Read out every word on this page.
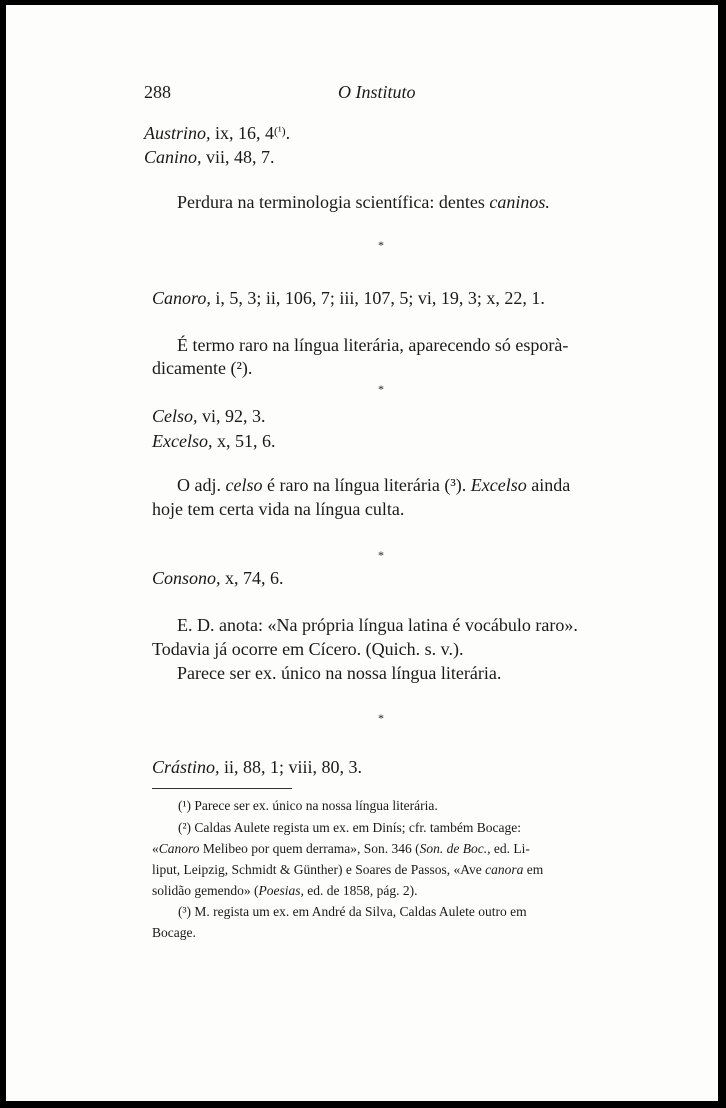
288	O Instituto
Austrino, ix, 16, $4^{(^1)}$.
Canino, vii, 48, 7.
Perdura na terminologia scientífica: dentes caninos.
*
Canoro, i, 5, 3; ii, 106, 7; iii, 107, 5; vi, 19, 3; x, 22, 1.
É termo raro na língua literária, aparecendo só esporà-
dicamente (²).
*
Celso, vi, 92, 3.
Excelso, x, 51, 6.
O adj. celso é raro na língua literária (³). Excelso ainda
hoje tem certa vida na língua culta.
*
Consono, x, 74, 6.
E. D. anota: «Na própria língua latina é vocábulo raro».
Todavia já ocorre em Cícero. (Quich. s. v.).
Parece ser ex. único na nossa língua literária.
*
Crástino, ii, 88, 1; viii, 80, 3.
(¹) Parece ser ex. único na nossa língua literária.
(²) Caldas Aulete regista um ex. em Dinís; cfr. também Bocage:
«Canoro Melibeo por quem derrama», Son. 346 (Son. de Boc., ed. Li-
liput, Leipzig, Schmidt & Günther) e Soares de Passos, «Ave canora em
solidão gemendo» (Poesias, ed. de 1858, pág. 2).
(³) M. regista um ex. em André da Silva, Caldas Aulete outro em
Bocage.
